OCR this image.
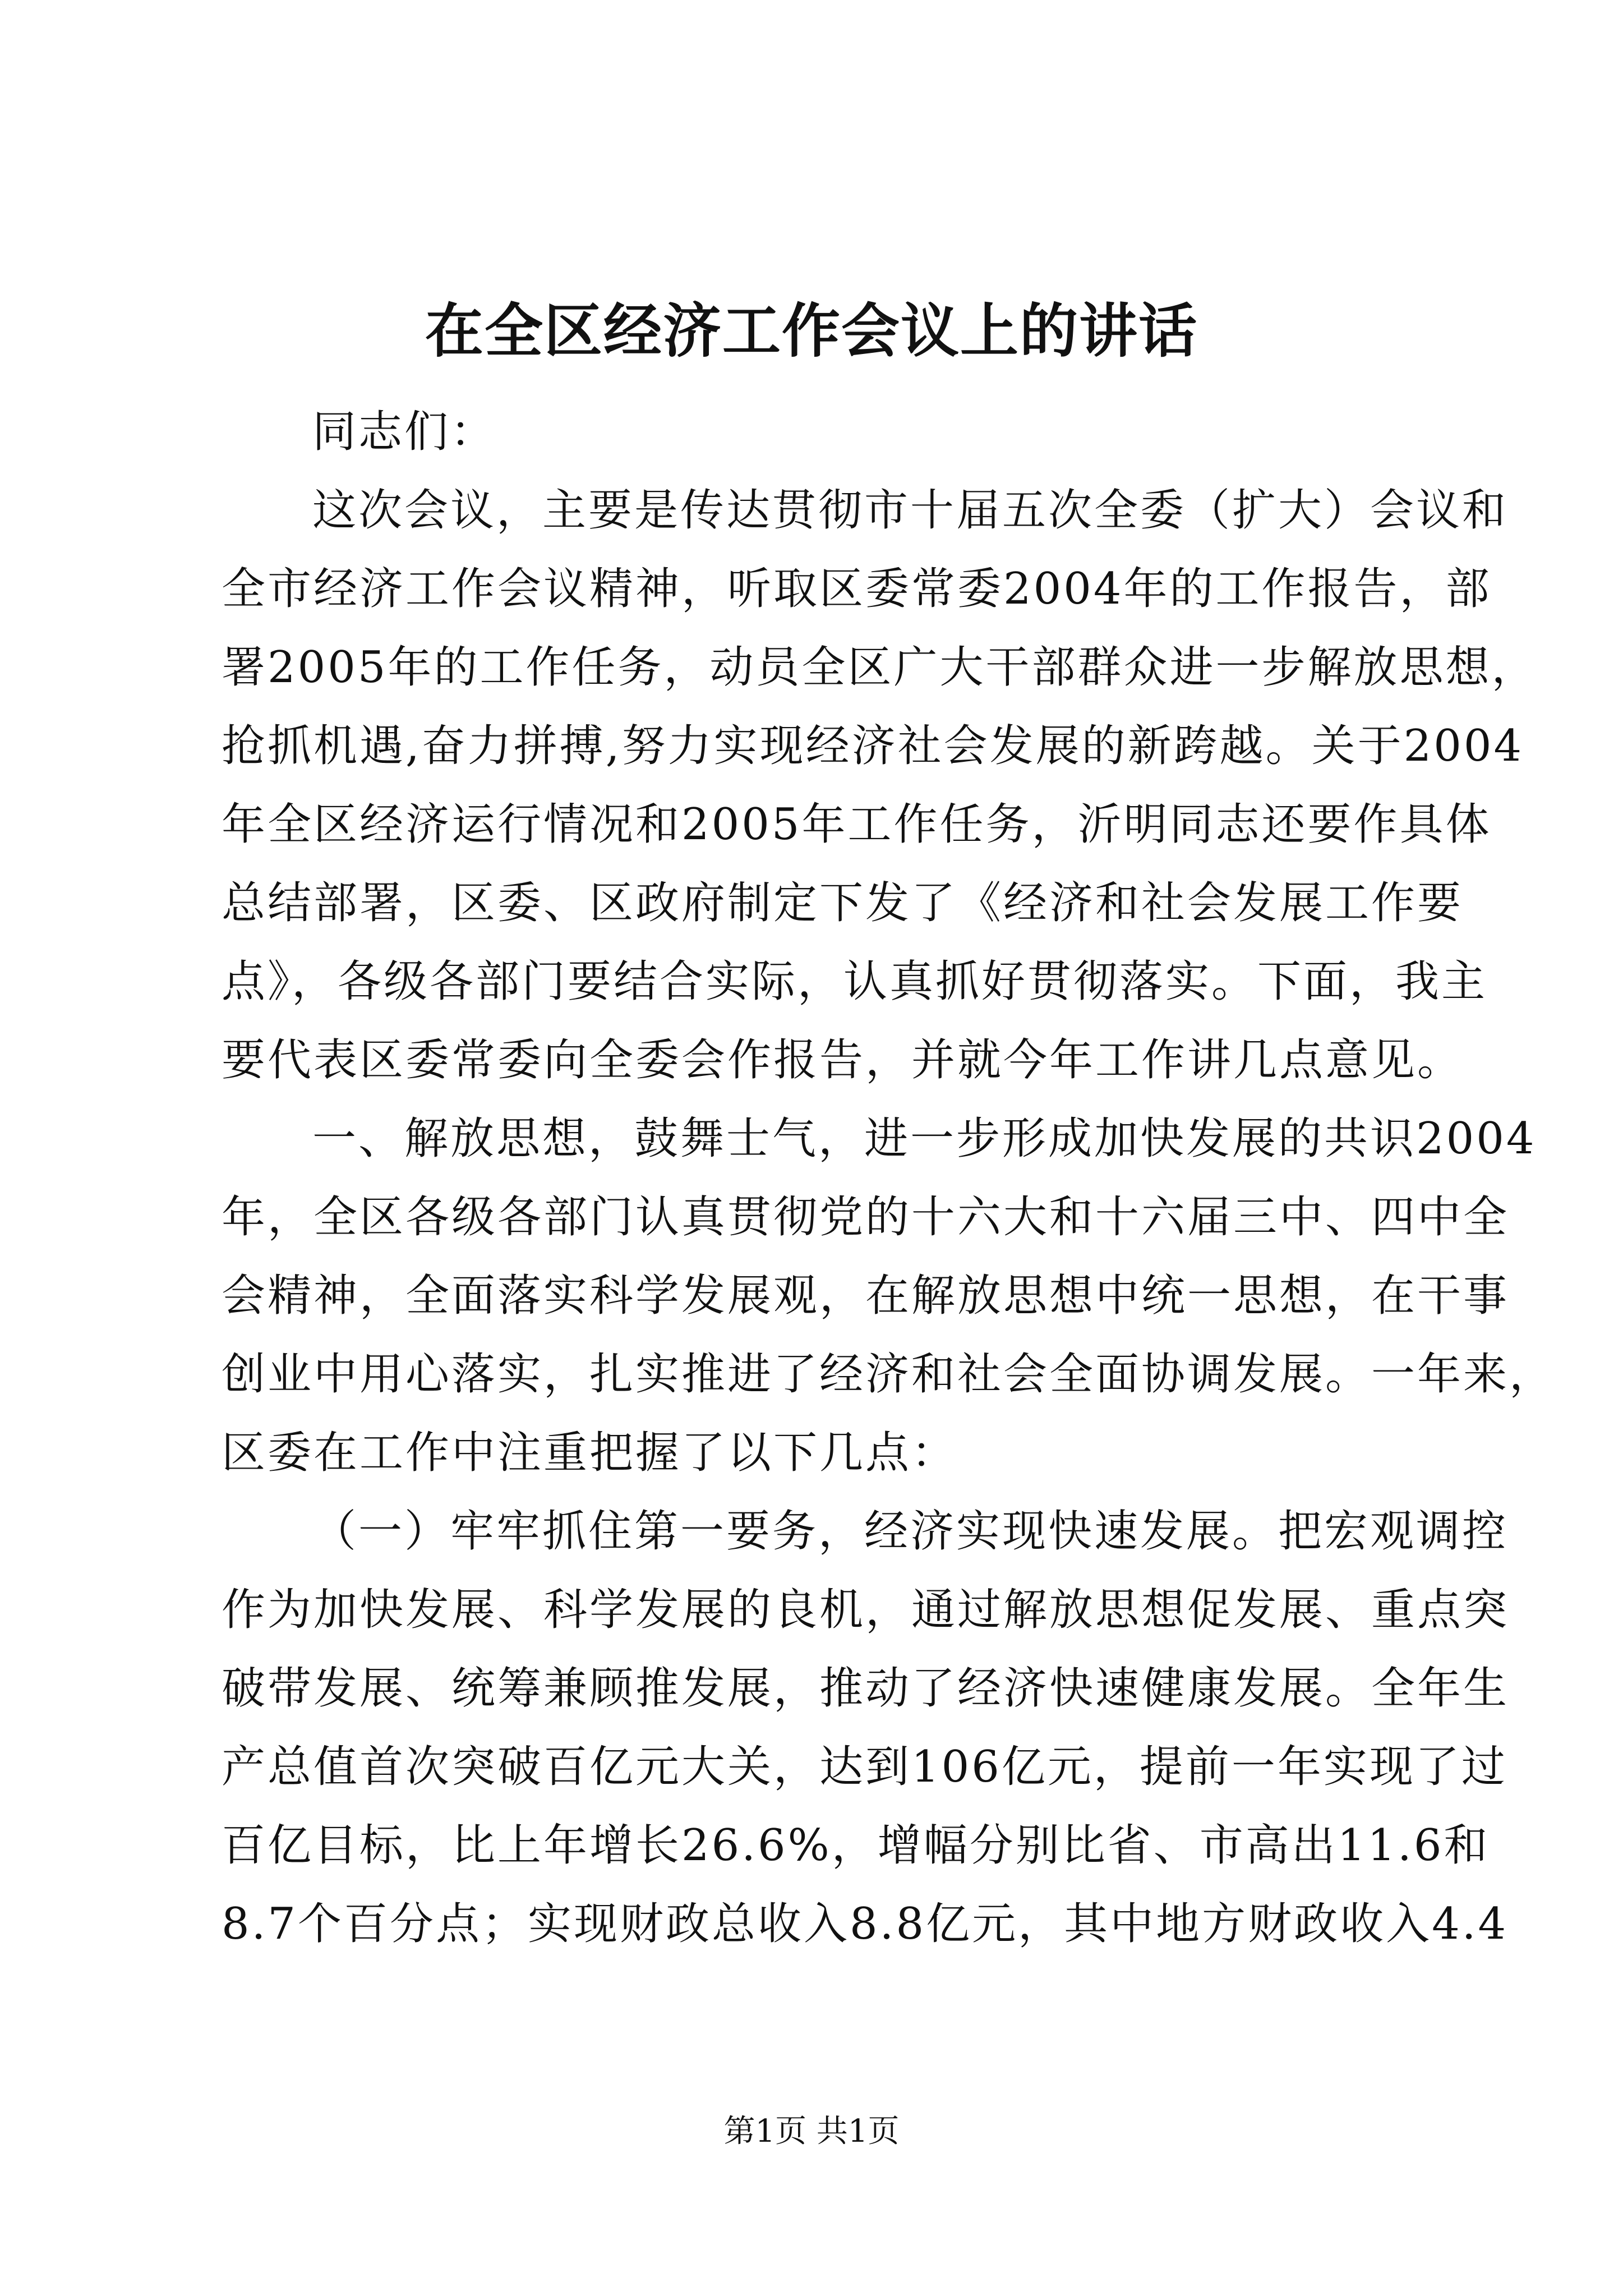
在全区经济工作会议上的讲话
同志们：
这次会议，主要是传达贯彻市十届五次全委（扩大）会议和
全市经济工作会议精神，听取区委常委2004年的工作报告，部
署2005年的工作任务，动员全区广大干部群众进一步解放思想，
抢抓机遇,奋力拼搏,努力实现经济社会发展的新跨越。关于2004
年全区经济运行情况和2005年工作任务，沂明同志还要作具体
总结部署，区委、区政府制定下发了《经济和社会发展工作要
点》，各级各部门要结合实际，认真抓好贯彻落实。下面，我主
要代表区委常委向全委会作报告，并就今年工作讲几点意见。
一、解放思想，鼓舞士气，进一步形成加快发展的共识2004
年，全区各级各部门认真贯彻党的十六大和十六届三中、四中全
会精神，全面落实科学发展观，在解放思想中统一思想，在干事
创业中用心落实，扎实推进了经济和社会全面协调发展。一年来，
区委在工作中注重把握了以下几点：
（一）牢牢抓住第一要务，经济实现快速发展。把宏观调控
作为加快发展、科学发展的良机，通过解放思想促发展、重点突
破带发展、统筹兼顾推发展，推动了经济快速健康发展。全年生
产总值首次突破百亿元大关，达到106亿元，提前一年实现了过
百亿目标，比上年增长26.6%，增幅分别比省、市高出11.6和
8.7个百分点；实现财政总收入8.8亿元，其中地方财政收入4.4
第1页 共1页
